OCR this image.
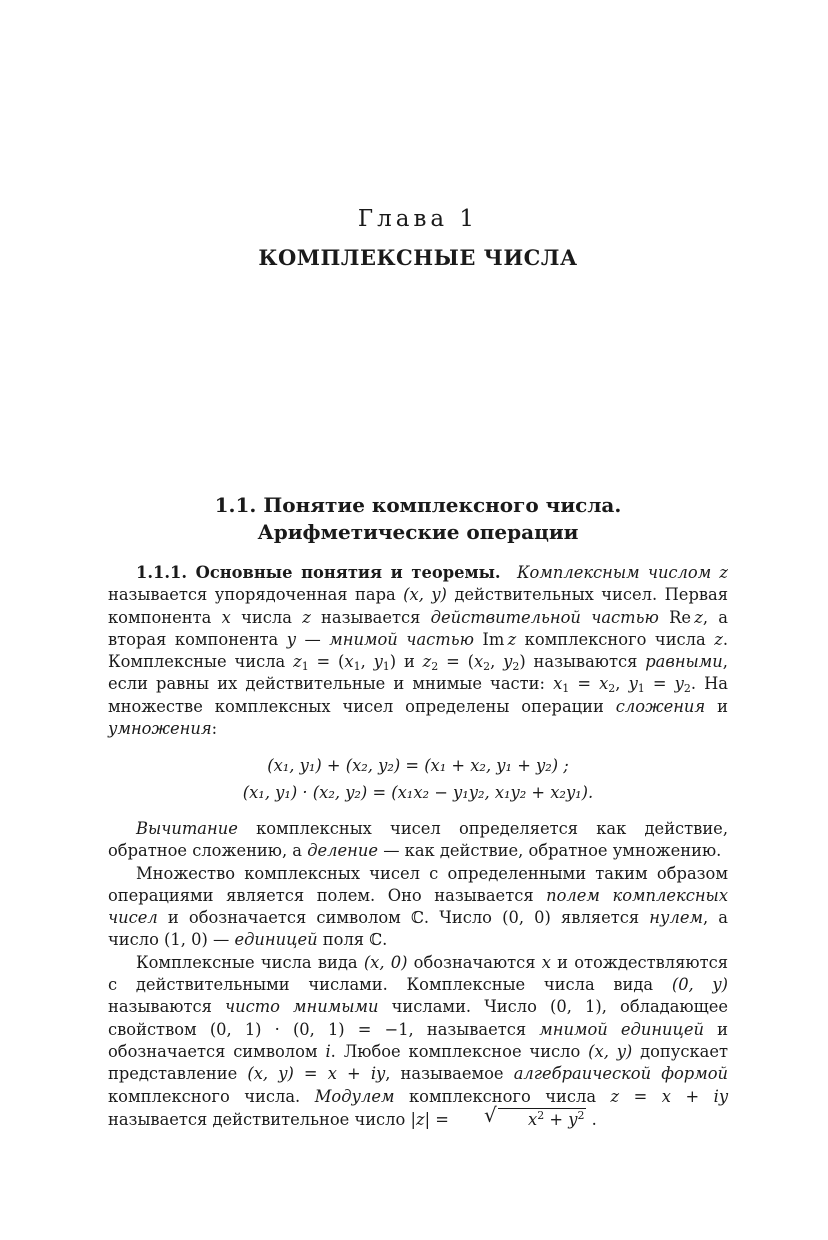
Глава 1
КОМПЛЕКСНЫЕ ЧИСЛА
1.1. Понятие комплексного числа.
Арифметические операции

1.1.1. Основные понятия и теоремы. Комплексным числом z называется упорядоченная пара (x, y) действительных чисел. Первая компонента x числа z называется действительной частью Re  z, а вторая компонента y — мнимой частью Im  z комплексного числа z. Комплексные числа $z_1 = (x_1$, $y_1$) и $z_2 = (x_2$, $y_2$) называются равными, если равны их действительные и мнимые части: $x_1 = x_2$, $y_1 = y_2$. На множестве комплексных чисел определены операции сложения и умножения:

(x₁, y₁) + (x₂, y₂) = (x₁ + x₂, y₁ + y₂) ;
(x₁, y₁) · (x₂, y₂) = (x₁x₂ − y₁y₂, x₁y₂ + x₂y₁).

Вычитание комплексных чисел определяется как действие, обратное сложению, а деление — как действие, обратное умножению.

Множество комплексных чисел с определенными таким образом операциями является полем. Оно называется полем комплексных чисел и обозначается символом ℂ. Число (0, 0) является нулем, а число (1, 0) — единицей поля ℂ.

Комплексные числа вида (x, 0) обозначаются x и отождествляются с действительными числами. Комплексные числа вида (0, y) называются чисто мнимыми числами. Число (0, 1), обладающее свойством (0, 1) · (0, 1) = −1, называется мнимой единицей и обозначается символом i. Любое комплексное число (x, y) допускает представление (x, y) = x + iy, называемое алгебраической формой комплексного числа. Модулем комплексного числа z = x + iy называется действительное число |z| = √	$x^2 + y^2$ .
